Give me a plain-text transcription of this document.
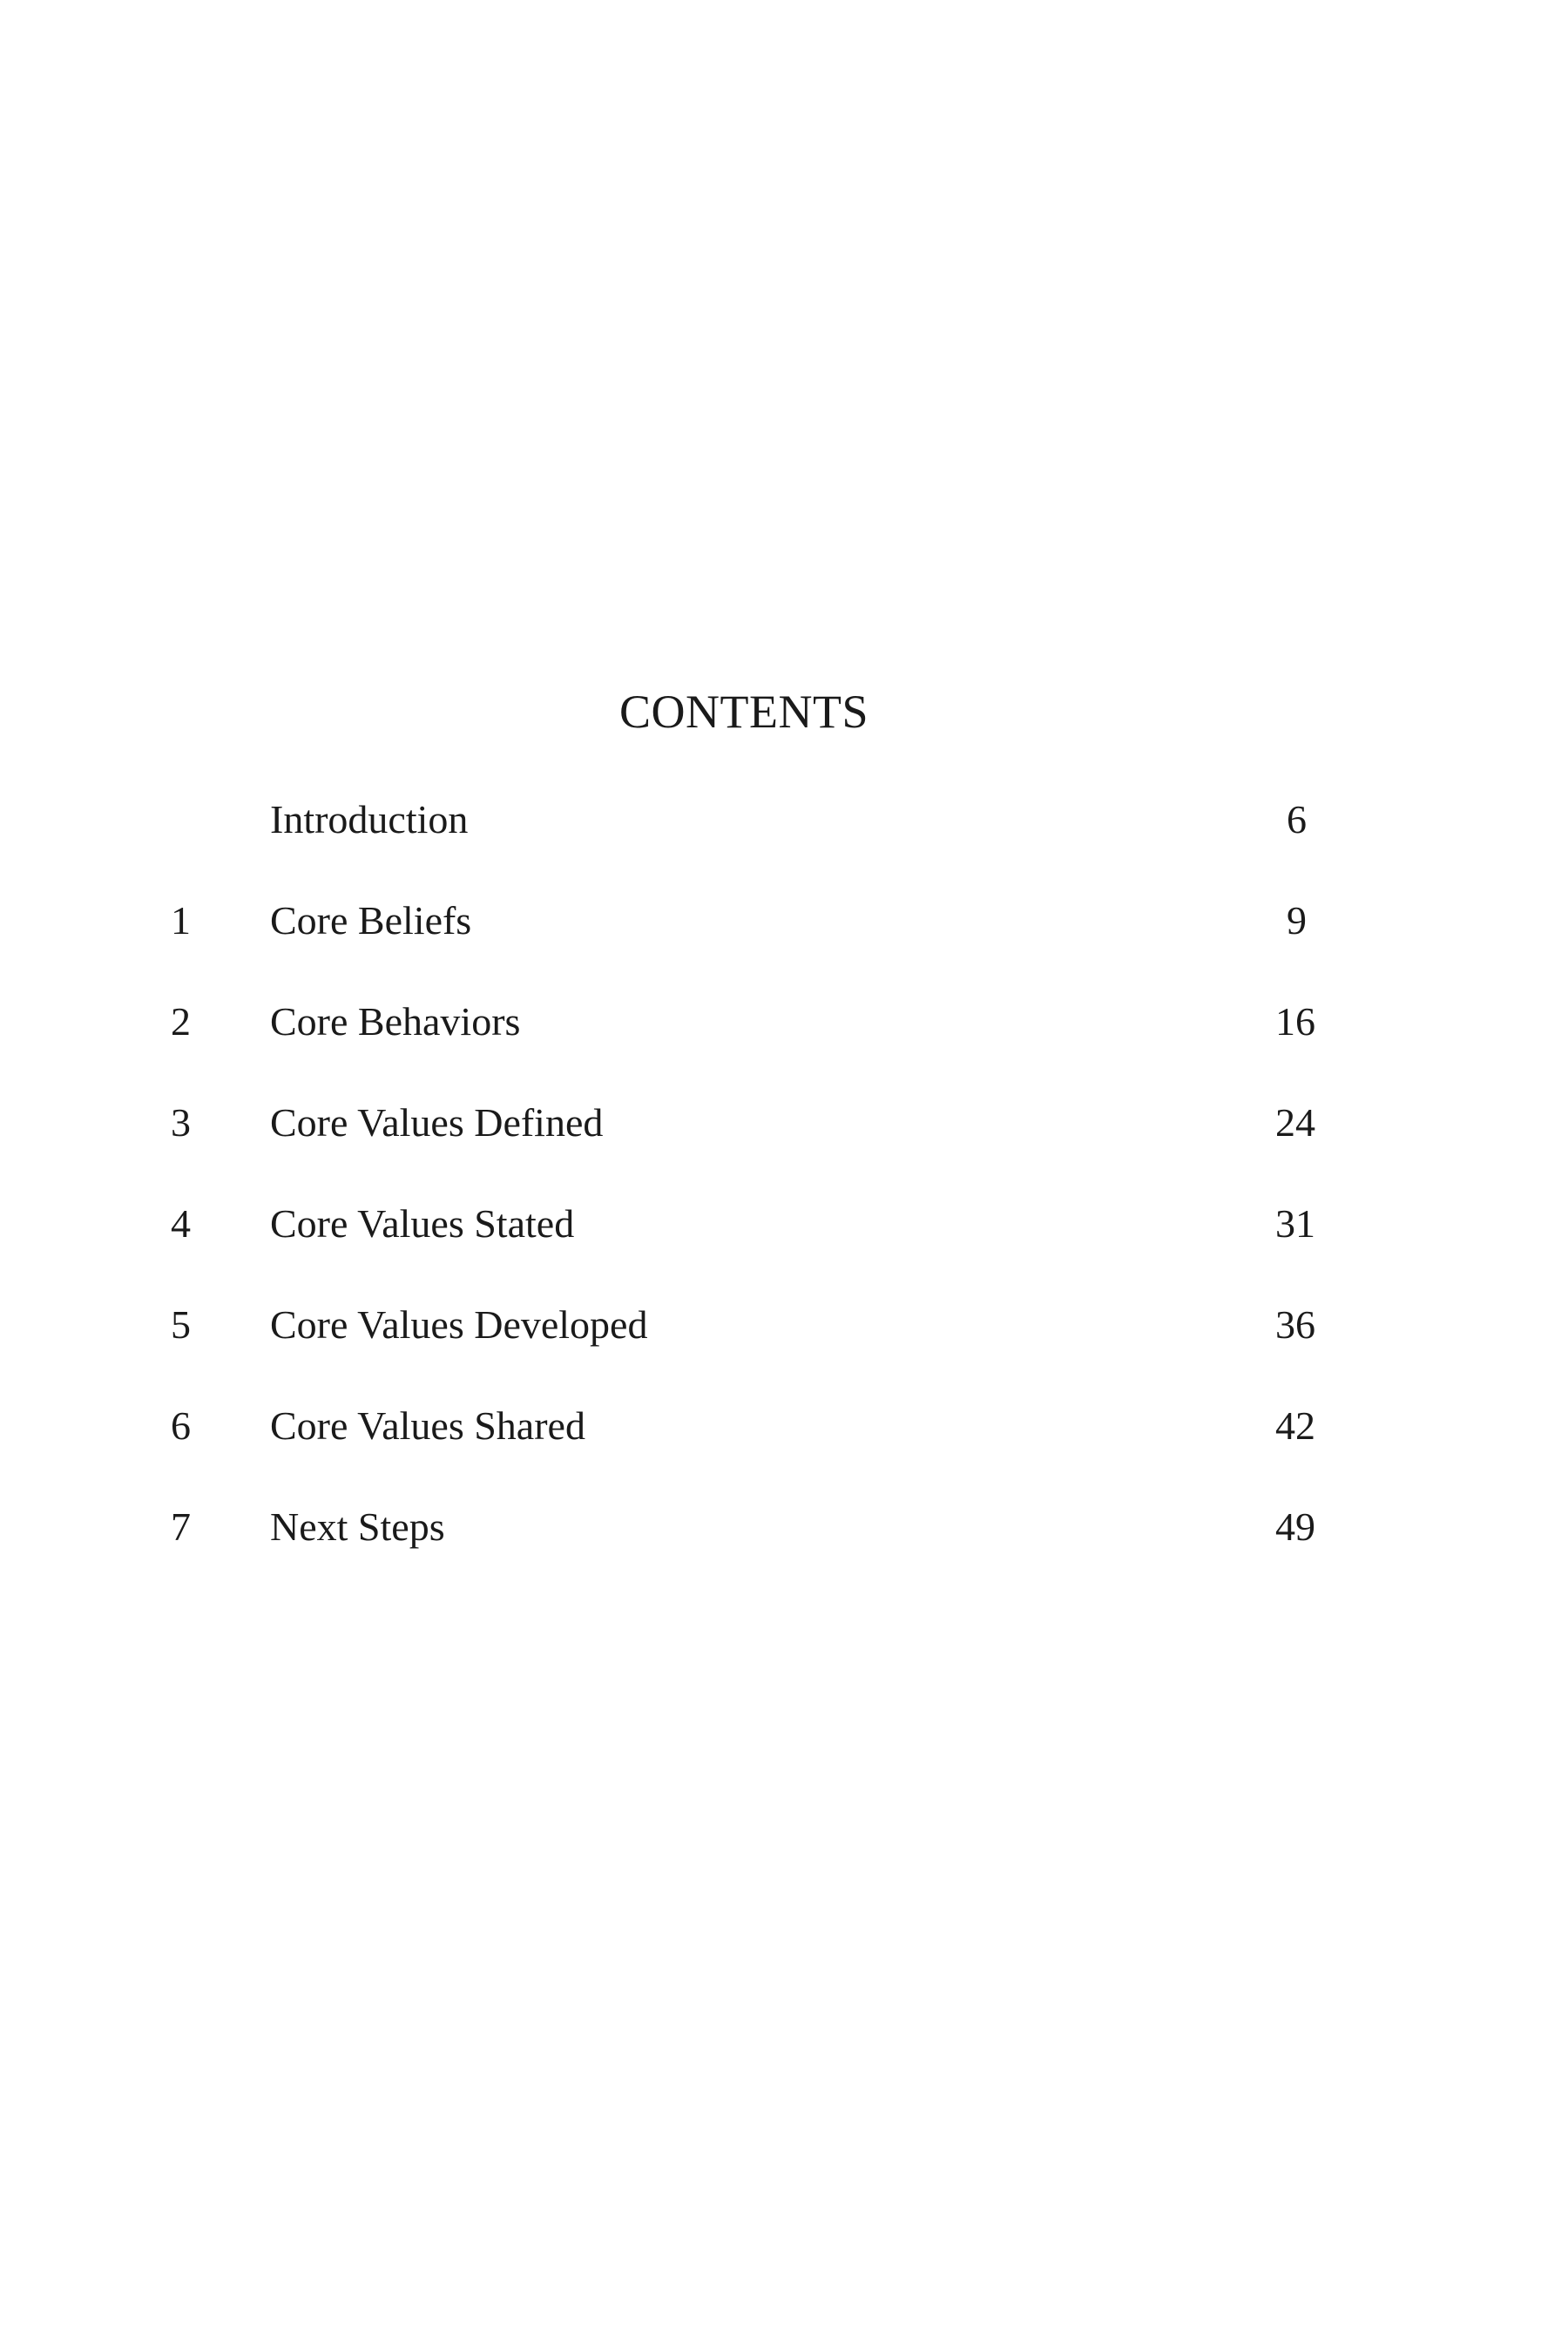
CONTENTS
Introduction	6
1 Core Beliefs	9
2 Core Behaviors	16
3 Core Values Defined	24
4 Core Values Stated	31
5 Core Values Developed	36
6 Core Values Shared	42
7 Next Steps	49
